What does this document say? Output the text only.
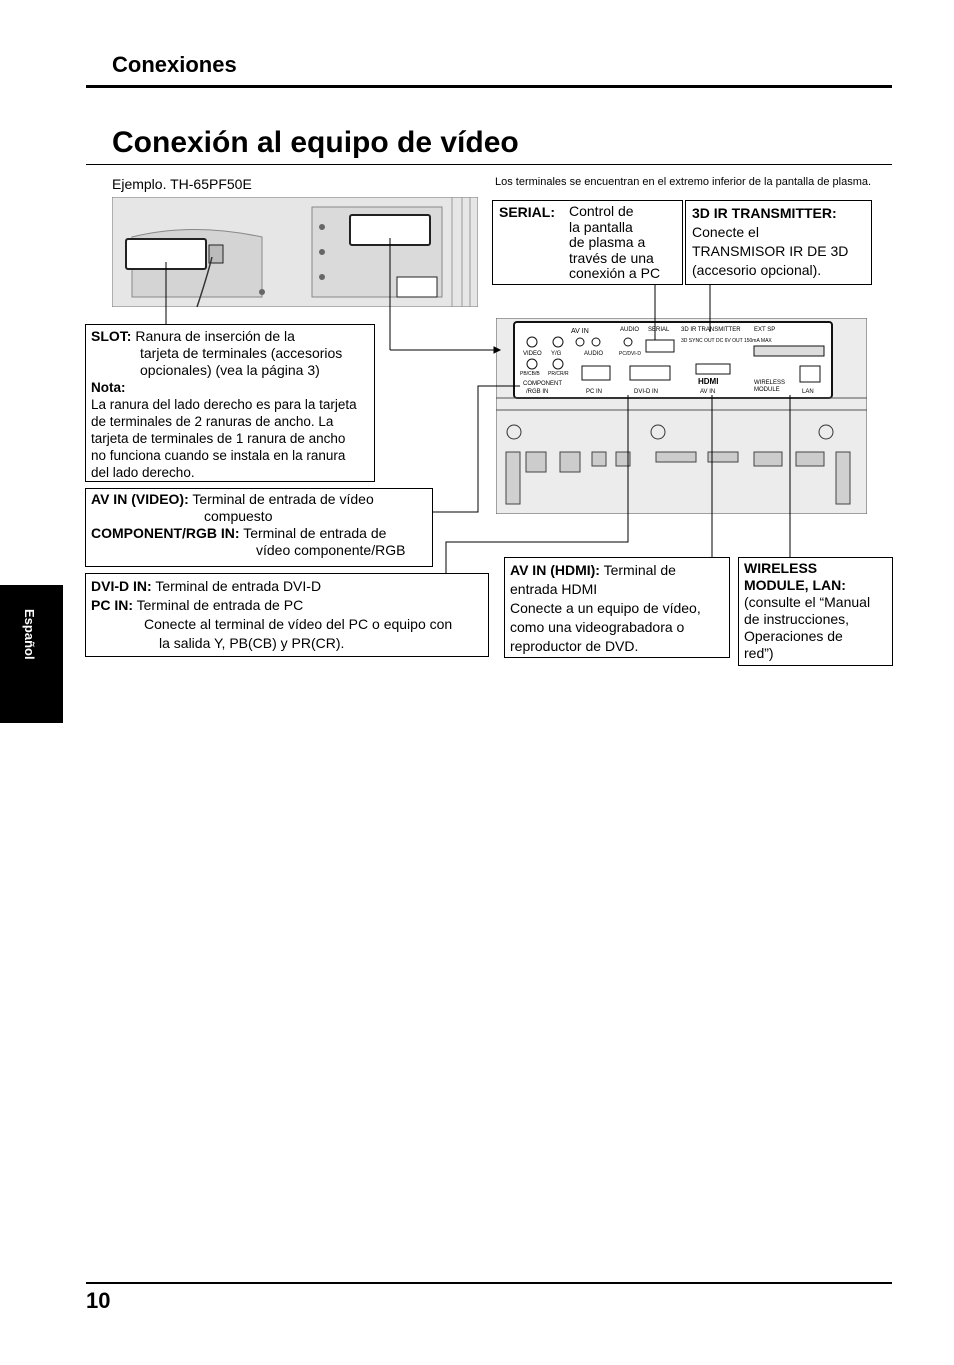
Conexiones
Conexión al equipo de vídeo
Ejemplo. TH-65PF50E	Los terminales se encuentran en el extremo inferior de la pantalla de plasma.
AV IN
VIDEO Y/G	AUDIO
PB/CB/B PR/CR/R
COMPONENT
/RGB IN
AUDIO
PC/DVI-D
SERIAL 3D IR TRANSMITTER
3D SYNC OUT DC 6V OUT 150mA MAX
EXT SP
PC IN	DVI-D IN
HDMI
AV IN
WIRELESS
MODULE	LAN
SERIAL: Control de
la pantalla
de plasma a
través de una
conexión a PC
3D IR TRANSMITTER:
Conecte el
TRANSMISOR IR DE 3D
(accesorio opcional).
SLOT: Ranura de inserción de la
tarjeta de terminales (accesorios
opcionales) (vea la página 3)
Nota:
La ranura del lado derecho es para la tarjeta
de terminales de 2 ranuras de ancho. La
tarjeta de terminales de 1 ranura de ancho
no funciona cuando se instala en la ranura
del lado derecho.
AV IN (VIDEO): Terminal de entrada de vídeo
compuesto
COMPONENT/RGB IN: Terminal de entrada de
vídeo componente/RGB
DVI-D IN: Terminal de entrada DVI-D
PC IN: Terminal de entrada de PC
Conecte al terminal de vídeo del PC o equipo con
la salida Y, PB(CB) y PR(CR).
AV IN (HDMI): Terminal de
entrada HDMI
Conecte a un equipo de vídeo,
como una videograbadora o
reproductor de DVD.
WIRELESS
MODULE, LAN:
(consulte el “Manual
de instrucciones,
Operaciones de
red”)
Español
10
